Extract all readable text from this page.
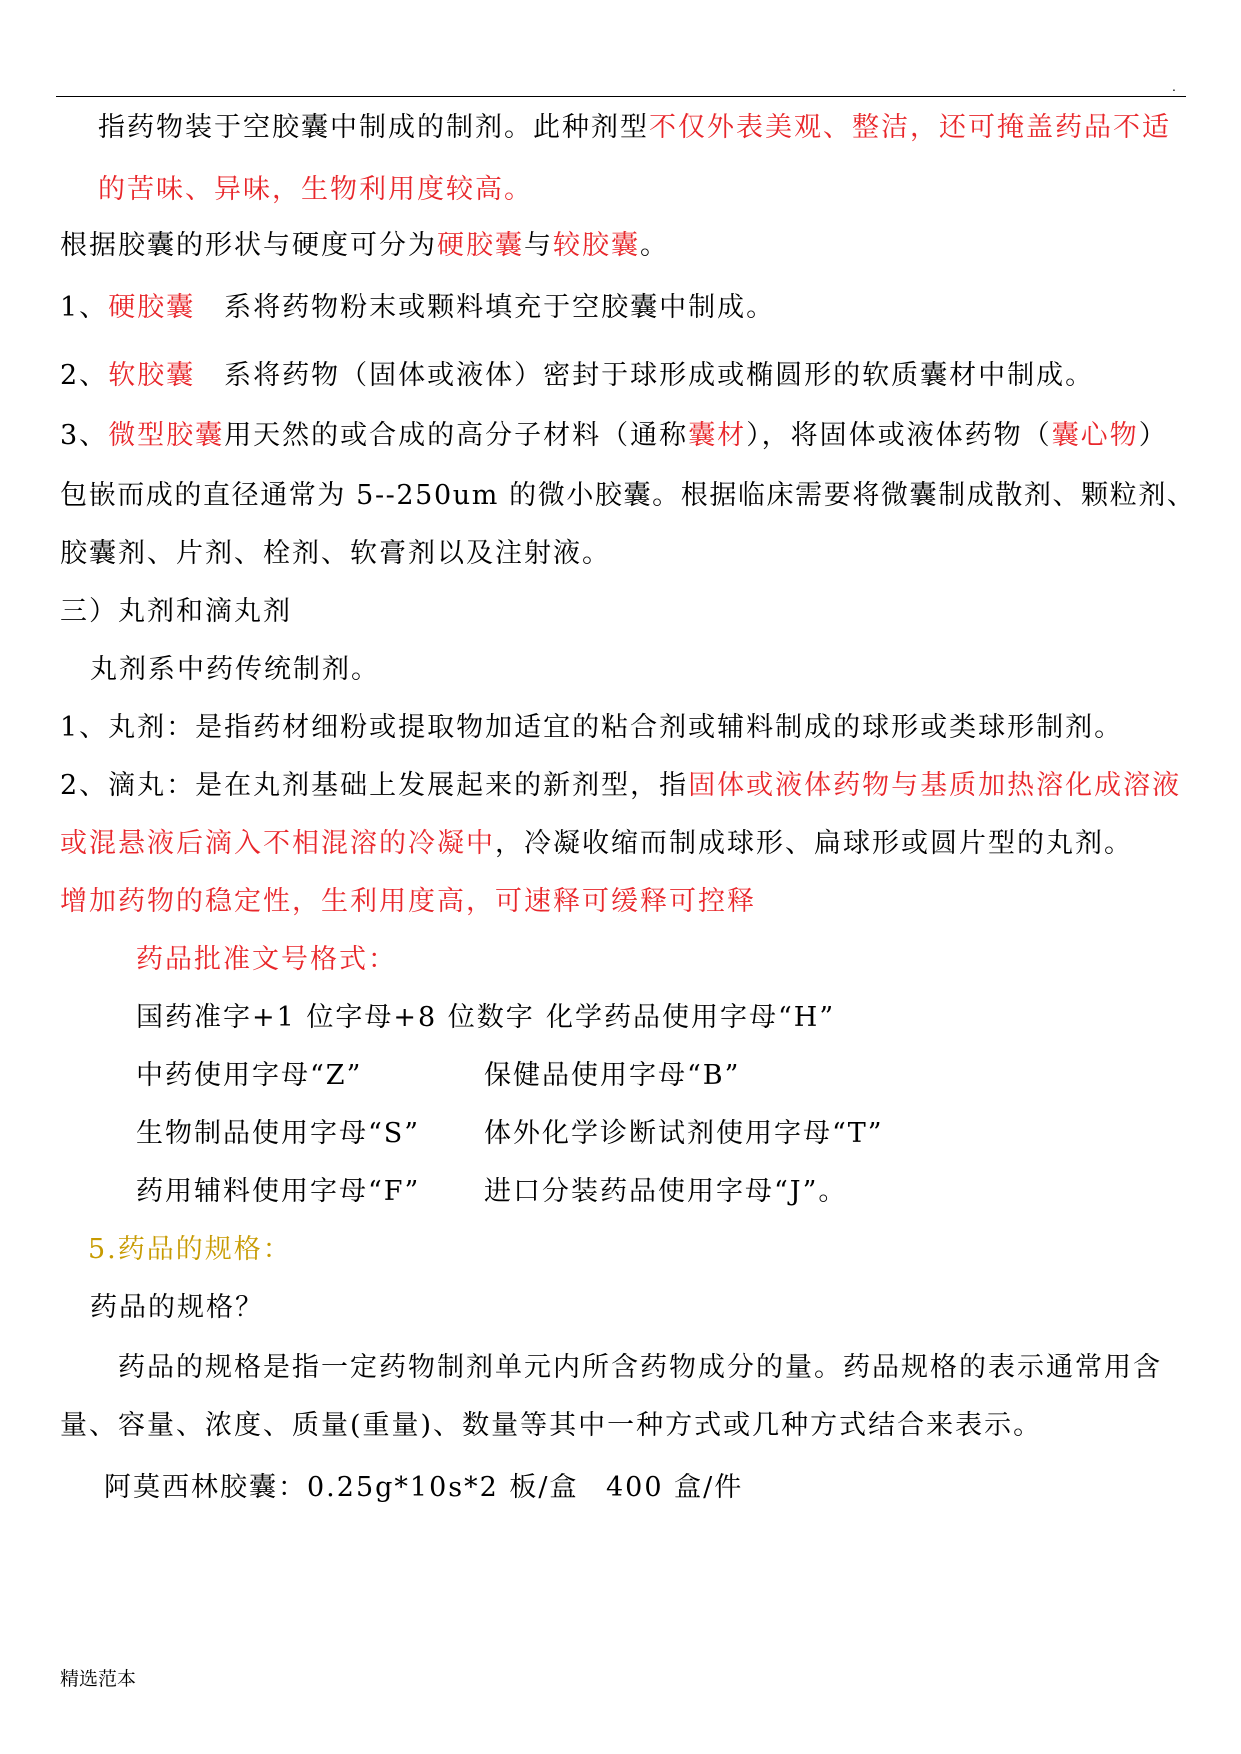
.
指药物装于空胶囊中制成的制剂。此种剂型不仅外表美观、整洁，还可掩盖药品不适
的苦味、异味，生物利用度较高。
根据胶囊的形状与硬度可分为硬胶囊与较胶囊。
1、硬胶囊　系将药物粉末或颗料填充于空胶囊中制成。
2、软胶囊　系将药物（固体或液体）密封于球形成或椭圆形的软质囊材中制成。
3、微型胶囊用天然的或合成的高分子材料（通称囊材），将固体或液体药物（囊心物）
包嵌而成的直径通常为 5--250um 的微小胶囊。根据临床需要将微囊制成散剂、颗粒剂、
胶囊剂、片剂、栓剂、软膏剂以及注射液。
三）丸剂和滴丸剂
丸剂系中药传统制剂。
1、丸剂：是指药材细粉或提取物加适宜的粘合剂或辅料制成的球形或类球形制剂。
2、滴丸：是在丸剂基础上发展起来的新剂型，指固体或液体药物与基质加热溶化成溶液
或混悬液后滴入不相混溶的冷凝中，冷凝收缩而制成球形、扁球形或圆片型的丸剂。
增加药物的稳定性，生利用度高，可速释可缓释可控释
药品批准文号格式：
国药准字+1 位字母+8 位数字 化学药品使用字母“H”
中药使用字母“Z”	保健品使用字母“B”
生物制品使用字母“S” 体外化学诊断试剂使用字母“T”
药用辅料使用字母“F” 进口分装药品使用字母“J”。
5.药品的规格：
药品的规格？
药品的规格是指一定药物制剂单元内所含药物成分的量。药品规格的表示通常用含
量、容量、浓度、质量(重量)、数量等其中一种方式或几种方式结合来表示。
阿莫西林胶囊：0.25g*10s*2 板/盒 400 盒/件
精选范本
